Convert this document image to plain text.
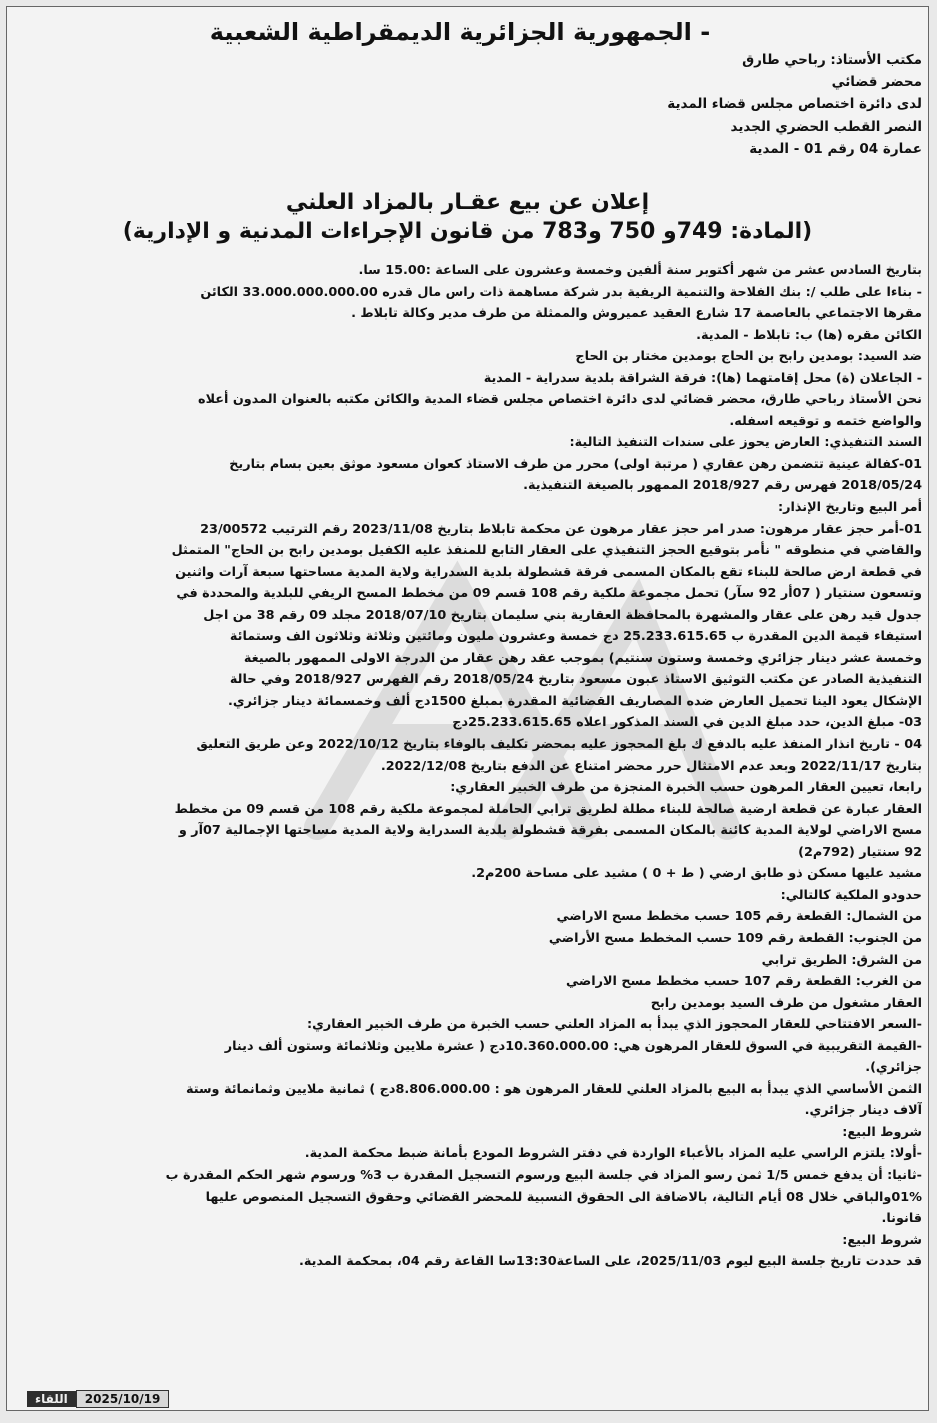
- الجمهورية الجزائرية الديمقراطية الشعبية
مكتب الأستاذ: رباحي طارق
محضر قضائي
لدى دائرة اختصاص مجلس قضاء المدية
النصر القطب الحضري الجديد
عمارة 04 رقم 01 - المدية
إعلان عن بيع عقـار بالمزاد العلني
(المادة: 749و 750 و783 من قانون الإجراءات المدنية و الإدارية)
بتاريخ السادس عشر من شهر أكتوبر سنة ألفين وخمسة وعشرون على الساعة :15.00 سا.
- بناءا على طلب /: بنك الفلاحة والتنمية الريفية بدر شركة مساهمة ذات راس مال قدره 33.000.000.000.00 الكائن
مقرها الاجتماعي بالعاصمة 17 شارع العقيد عميروش والممثلة من طرف مدير وكالة تابلاط .
الكائن مقره (ها) ب: تابلاط - المدية.
ضد السيد: بومدين رابح بن الحاج بومدين مختار بن الحاج
- الجاعلان (ة) محل إقامتهما (ها): فرقة الشراقة بلدية سدراية - المدية
نحن الأستاذ رباحي طارق، محضر قضائي لدى دائرة اختصاص مجلس قضاء المدية والكائن مكتبه بالعنوان المدون أعلاه
والواضع ختمه و توقيعه اسفله.
السند التنفيذي: العارض يحوز على سندات التنفيذ التالية:
01-كفالة عينية تتضمن رهن عقاري ( مرتبة اولى) محرر من طرف الاستاذ كعوان مسعود موثق بعين بسام بتاريخ
2018/05/24 فهرس رقم 2018/927 الممهور بالصيغة التنفيذية.
أمر البيع وتاريخ الإنذار:
01-أمر حجز عقار مرهون: صدر امر حجز عقار مرهون عن محكمة تابلاط بتاريخ 2023/11/08 رقم الترتيب 23/00572
والقاضي في منطوقه " نأمر بتوقيع الحجز التنفيذي على العقار التابع للمنفذ عليه الكفيل بومدين رابح بن الحاج" المتمثل
في قطعة ارض صالحة للبناء تقع بالمكان المسمى فرقة قشطولة بلدية السدراية ولاية المدية مساحتها سبعة آرات واثنين
وتسعون سنتيار ( 07أر 92 سآر) تحمل مجموعة ملكية رقم 108 قسم 09 من مخطط المسح الريفي للبلدية والمحددة في
جدول قيد رهن على عقار والمشهرة بالمحافظة العقارية بني سليمان بتاريخ 2018/07/10 مجلد 09 رقم 38 من اجل
استيفاء قيمة الدين المقدرة ب 25.233.615.65 دج خمسة وعشرون مليون ومائتين وثلاثة وثلاثون الف وستمائة
وخمسة عشر دينار جزائري وخمسة وستون سنتيم) بموجب عقد رهن عقار من الدرجة الاولى الممهور بالصيغة
التنفيذية الصادر عن مكتب التوثيق الاستاذ عبون مسعود بتاريخ 2018/05/24 رقم الفهرس 2018/927 وفي حالة
الإشكال يعود الينا تحميل العارض ضده المصاريف القضائية المقدرة بمبلغ 1500دج ألف وخمسمائة دينار جزائري.
03- مبلغ الدين، حدد مبلغ الدين في السند المذكور اعلاه 25.233.615.65دج
04 - تاريخ انذار المنفذ عليه بالدفع ك بلغ المحجوز عليه بمحضر تكليف بالوفاء بتاريخ 2022/10/12 وعن طريق التعليق
بتاريخ 2022/11/17 وبعد عدم الامتثال حرر محضر امتناع عن الدفع بتاريخ 2022/12/08.
رابعا، تعيين العقار المرهون حسب الخبرة المنجزة من طرف الخبير العقاري:
العقار عبارة عن قطعة ارضية صالحة للبناء مطلة لطريق ترابي الحاملة لمجموعة ملكية رقم 108 من قسم 09 من مخطط
مسح الاراضي لولاية المدية كائنة بالمكان المسمى بفرقة قشطولة بلدية السدراية ولاية المدية مساحتها الإجمالية 07آر و
92 سنتيار (792م2)
مشيد عليها مسكن ذو طابق ارضي ( ط + 0 ) مشيد على مساحة 200م2.
حدودو الملكية كالتالي:
من الشمال: القطعة رقم 105 حسب مخطط مسح الاراضي
من الجنوب: القطعة رقم 109 حسب المخطط مسح الأراضي
من الشرق: الطريق ترابي
من الغرب: القطعة رقم 107 حسب مخطط مسح الاراضي
العقار مشغول من طرف السيد بومدين رابح
-السعر الافتتاحي للعقار المحجوز الذي يبدأ به المزاد العلني حسب الخبرة من طرف الخبير العقاري:
-القيمة التقريبية في السوق للعقار المرهون هي: 10.360.000.00دج ( عشرة ملايين وثلاثمائة وستون ألف دينار
جزائري).
الثمن الأساسي الذي يبدأ به البيع بالمزاد العلني للعقار المرهون هو : 8.806.000.00دج ) ثمانية ملايين وثمانمائة وستة
آلاف دينار جزائري.
شروط البيع:
-أولا: يلتزم الراسي عليه المزاد بالأعباء الواردة في دفتر الشروط المودع بأمانة ضبط محكمة المدية.
-ثانيا: أن يدفع خمس 1/5 ثمن رسو المزاد في جلسة البيع ورسوم التسجيل المقدرة ب 3% ورسوم شهر الحكم المقدرة ب
01%والباقي خلال 08 أيام التالية، بالاضافة الى الحقوق النسبية للمحضر القضائي وحقوق التسجيل المنصوص عليها
قانونا.
شروط البيع:
قد حددت تاريخ جلسة البيع ليوم 2025/11/03، على الساعة13:30سا القاعة رقم 04، بمحكمة المدية.
اللقاء	2025/10/19
